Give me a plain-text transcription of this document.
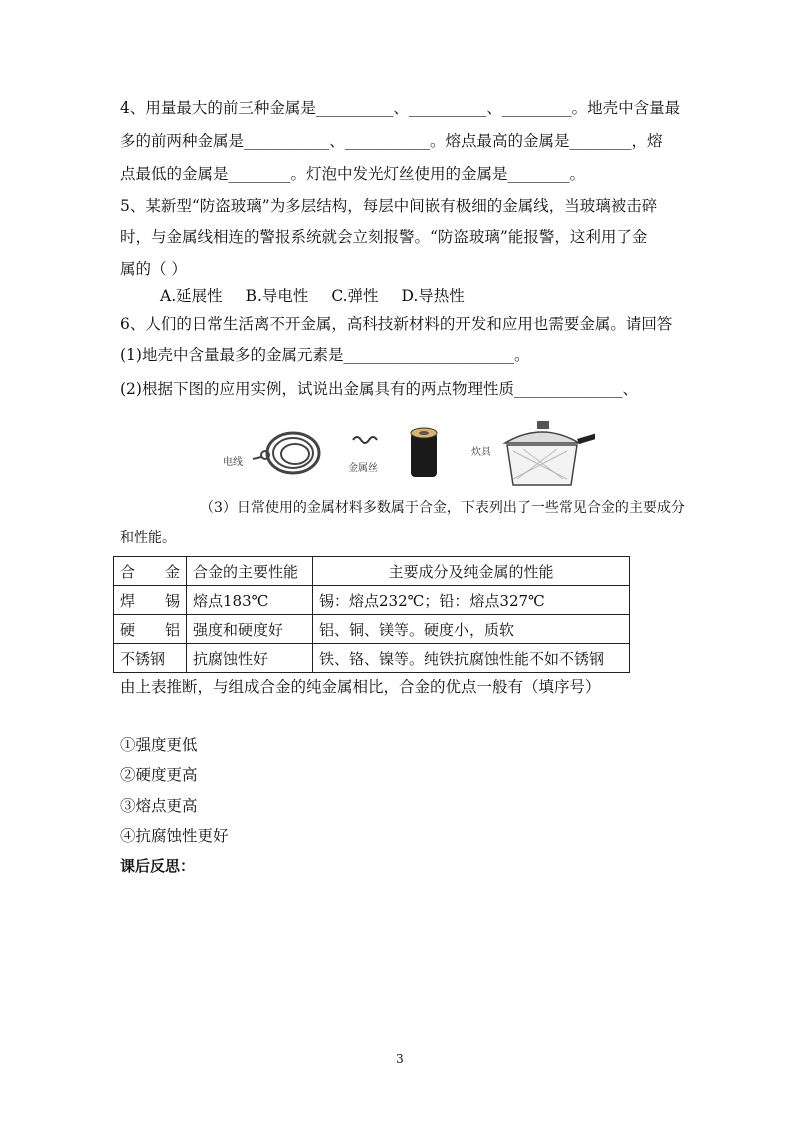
4、用量最大的前三种金属是__________、__________、_________。地壳中含量最
多的前两种金属是___________、___________。熔点最高的金属是________，熔
点最低的金属是________。灯泡中发光灯丝使用的金属是________。
5、某新型“防盗玻璃”为多层结构，每层中间嵌有极细的金属线，当玻璃被击碎
时，与金属线相连的警报系统就会立刻报警。“防盗玻璃”能报警，这利用了金
属的（ ）
A.延展性 B.导电性 C.弹性 D.导热性
6、人们的日常生活离不开金属，高科技新材料的开发和应用也需要金属。请回答
(1)地壳中含量最多的金属元素是______________________。
(2)根据下图的应用实例，试说出金属具有的两点物理性质______________、
电线
金属丝
炊具
（3）日常使用的金属材料多数属于合金，下表列出了一些常见合金的主要成分
和性能。
合　　金	合金的主要性能	主要成分及纯金属的性能
焊　　锡	熔点183℃	锡：熔点232℃；铅：熔点327℃
硬　　铝	强度和硬度好	铝、铜、镁等。硬度小，质软
不锈钢	抗腐蚀性好	铁、铬、镍等。纯铁抗腐蚀性能不如不锈钢
由上表推断，与组成合金的纯金属相比，合金的优点一般有（填序号）
①强度更低
②硬度更高
③熔点更高
④抗腐蚀性更好
课后反思：
3
